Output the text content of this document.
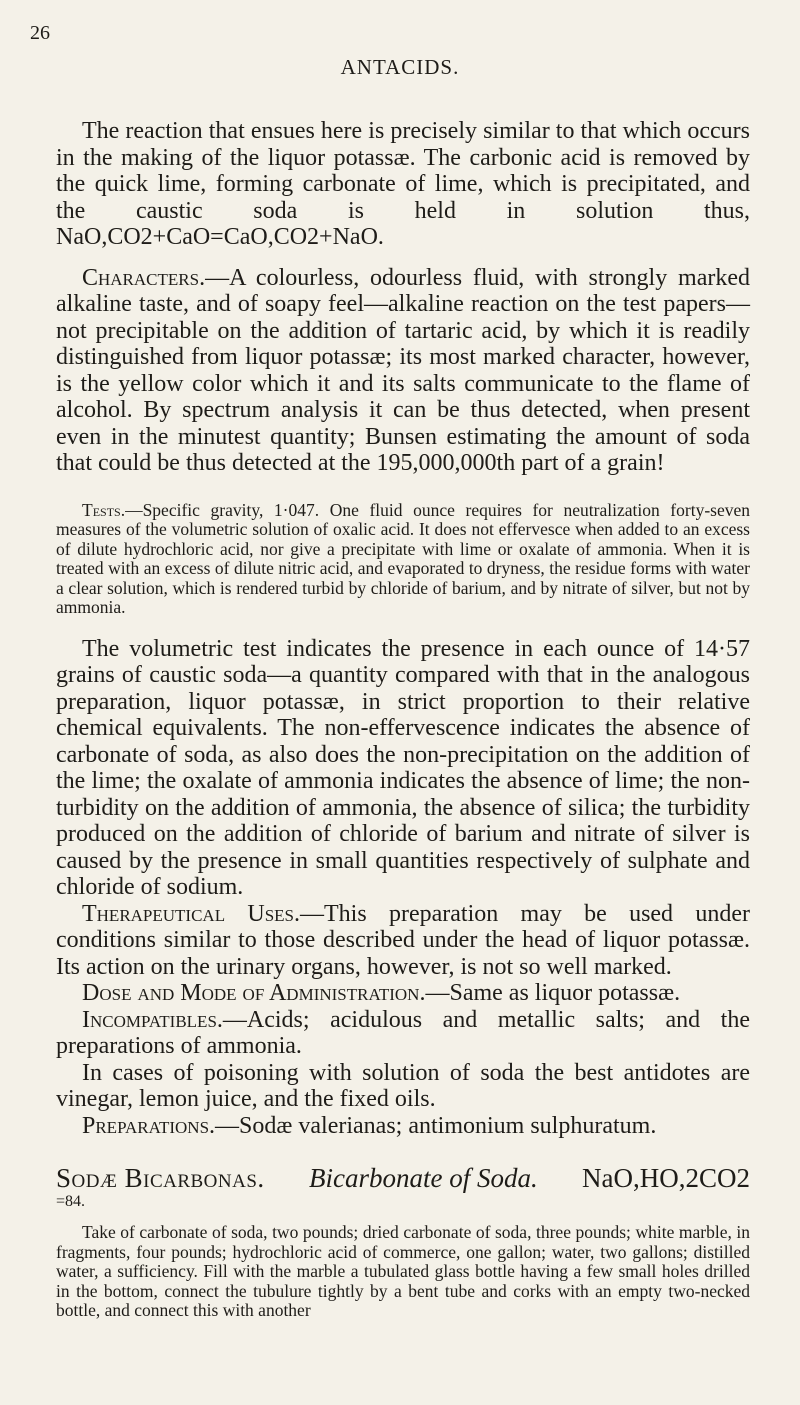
26
ANTACIDS.

The reaction that ensues here is precisely similar to that which occurs in the making of the liquor potassæ. The carbonic acid is removed by the quick lime, forming carbonate of lime, which is precipitated, and the caustic soda is held in solution thus, NaO,CO2+CaO=CaO,CO2+NaO.

Characters.—A colourless, odourless fluid, with strongly marked alkaline taste, and of soapy feel—alkaline reaction on the test papers—not precipitable on the addition of tartaric acid, by which it is readily distinguished from liquor potassæ; its most marked character, however, is the yellow color which it and its salts communicate to the flame of alcohol. By spectrum analysis it can be thus detected, when present even in the minutest quantity; Bunsen estimating the amount of soda that could be thus detected at the 195,000,000th part of a grain!

Tests.—Specific gravity, 1·047. One fluid ounce requires for neutralization forty-seven measures of the volumetric solution of oxalic acid. It does not effervesce when added to an excess of dilute hydrochloric acid, nor give a precipitate with lime or oxalate of ammonia. When it is treated with an excess of dilute nitric acid, and evaporated to dryness, the residue forms with water a clear solution, which is rendered turbid by chloride of barium, and by nitrate of silver, but not by ammonia.

The volumetric test indicates the presence in each ounce of 14·57 grains of caustic soda—a quantity compared with that in the analogous preparation, liquor potassæ, in strict proportion to their relative chemical equivalents. The non-effervescence indicates the absence of carbonate of soda, as also does the non-precipitation on the addition of the lime; the oxalate of ammonia indicates the absence of lime; the non-turbidity on the addition of ammonia, the absence of silica; the turbidity produced on the addition of chloride of barium and nitrate of silver is caused by the presence in small quantities respectively of sulphate and chloride of sodium.

Therapeutical Uses.—This preparation may be used under conditions similar to those described under the head of liquor potassæ. Its action on the urinary organs, however, is not so well marked.

Dose and Mode of Administration.—Same as liquor potassæ.

Incompatibles.—Acids; acidulous and metallic salts; and the preparations of ammonia.

In cases of poisoning with solution of soda the best antidotes are vinegar, lemon juice, and the fixed oils.

Preparations.—Sodæ valerianas; antimonium sulphuratum.

Sodæ Bicarbonas. Bicarbonate of Soda. NaO,HO,2CO2
=84.

Take of carbonate of soda, two pounds; dried carbonate of soda, three pounds; white marble, in fragments, four pounds; hydrochloric acid of commerce, one gallon; water, two gallons; distilled water, a sufficiency. Fill with the marble a tubulated glass bottle having a few small holes drilled in the bottom, connect the tubulure tightly by a bent tube and corks with an empty two-necked bottle, and connect this with another
